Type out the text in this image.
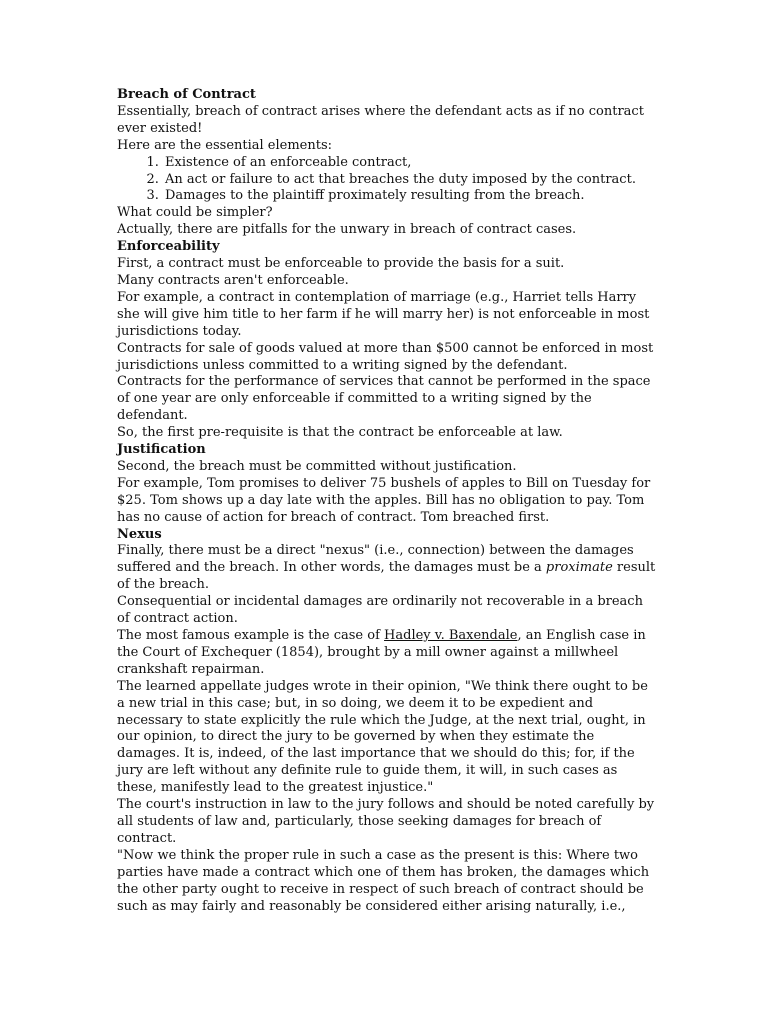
Breach of Contract

Essentially, breach of contract arises where the defendant acts as if no contract ever existed!

Here are the essential elements:

1. Existence of an enforceable contract,
2. An act or failure to act that breaches the duty imposed by the contract.
3. Damages to the plaintiff proximately resulting from the breach.

What could be simpler?

Actually, there are pitfalls for the unwary in breach of contract cases.

Enforceability

First, a contract must be enforceable to provide the basis for a suit.

Many contracts aren't enforceable.

For example, a contract in contemplation of marriage (e.g., Harriet tells Harry she will give him title to her farm if he will marry her) is not enforceable in most jurisdictions today.

Contracts for sale of goods valued at more than $500 cannot be enforced in most jurisdictions unless committed to a writing signed by the defendant.

Contracts for the performance of services that cannot be performed in the space of one year are only enforceable if committed to a writing signed by the defendant.

So, the first pre-requisite is that the contract be enforceable at law.

Justification

Second, the breach must be committed without justification.

For example, Tom promises to deliver 75 bushels of apples to Bill on Tuesday for $25. Tom shows up a day late with the apples. Bill has no obligation to pay. Tom has no cause of action for breach of contract. Tom breached first.

Nexus

Finally, there must be a direct "nexus" (i.e., connection) between the damages suffered and the breach. In other words, the damages must be a proximate result of the breach.

Consequential or incidental damages are ordinarily not recoverable in a breach of contract action.

The most famous example is the case of Hadley v. Baxendale, an English case in the Court of Exchequer (1854), brought by a mill owner against a millwheel crankshaft repairman.

The learned appellate judges wrote in their opinion, "We think there ought to be a new trial in this case; but, in so doing, we deem it to be expedient and necessary to state explicitly the rule which the Judge, at the next trial, ought, in our opinion, to direct the jury to be governed by when they estimate the damages. It is, indeed, of the last importance that we should do this; for, if the jury are left without any definite rule to guide them, it will, in such cases as these, manifestly lead to the greatest injustice."

The court's instruction in law to the jury follows and should be noted carefully by all students of law and, particularly, those seeking damages for breach of contract.

"Now we think the proper rule in such a case as the present is this: Where two parties have made a contract which one of them has broken, the damages which the other party ought to receive in respect of such breach of contract should be such as may fairly and reasonably be considered either arising naturally, i.e.,
